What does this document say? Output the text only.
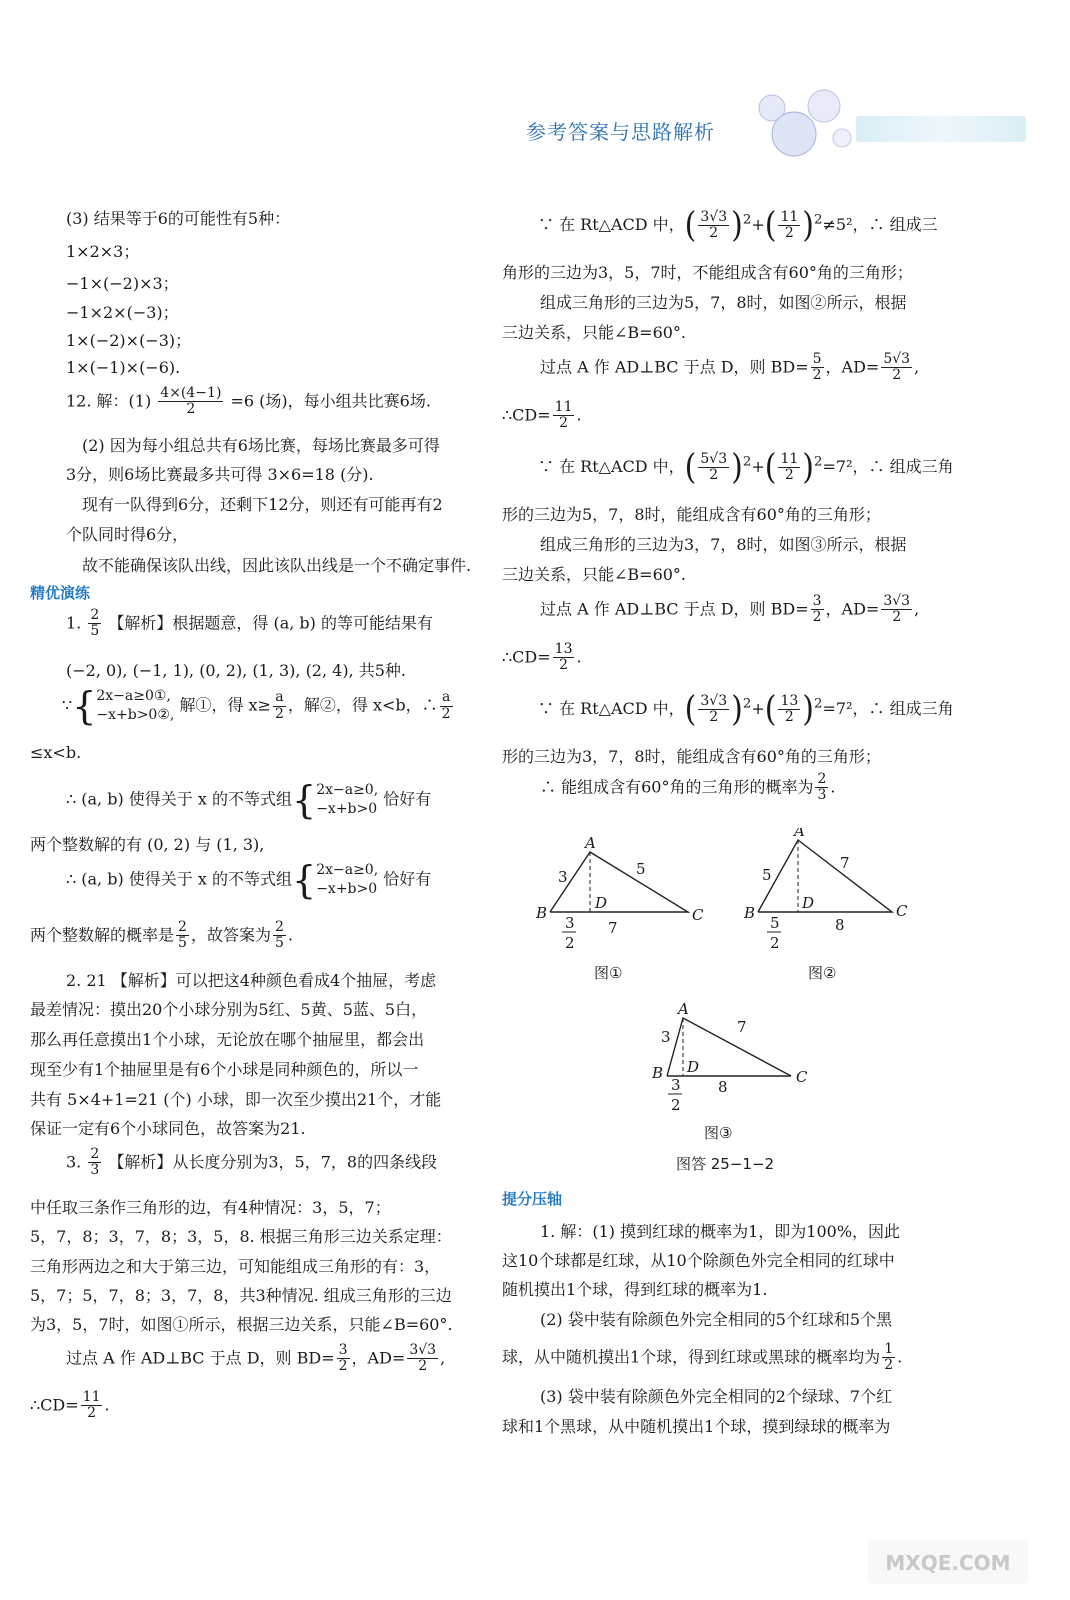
参考答案与思路解析
(3) 结果等于6的可能性有5种：
1×2×3；
−1×(−2)×3；
−1×2×(−3)；
1×(−2)×(−3)；
1×(−1)×(−6).
12. 解：$(1) \frac{4\times(4-1)}{2} =6$ (场)，每小组共比赛6场.
(2) 因为每小组总共有6场比赛，每场比赛最多可得
3分，则6场比赛最多共可得 3×6=18 (分).
现有一队得到6分，还剩下12分，则还有可能再有2
个队同时得6分，
故不能确保该队出线，因此该队出线是一个不确定事件.
精优演练
1. $\frac{2}{5}$ 【解析】根据题意，得 (a, b) 的等可能结果有
(−2, 0), (−1, 1), (0, 2), (1, 3), (2, 4), 共5种.
∵{ 2x−a≥0①,
−x+b>0②,
解①，得 $x\ge \frac{a}{2}$ ，解②，得 x<b，∴ $\frac{a}{2}$
≤x<b.
∴ (a, b) 使得关于 x 的不等式组{ 2x−a≥0,
−x+b>0
恰好有
两个整数解的有 (0, 2) 与 (1, 3),
∴ (a, b) 使得关于 x 的不等式组{ 2x−a≥0,
−x+b>0
恰好有
两个整数解的概率是 $\frac{2}{5}$ ，故答案为 $\frac{2}{5}$ .
2. 21 【解析】可以把这4种颜色看成4个抽屉，考虑
最差情况：摸出20个小球分别为5红、5黄、5蓝、5白，
那么再任意摸出1个小球，无论放在哪个抽屉里，都会出
现至少有1个抽屉里是有6个小球是同种颜色的，所以一
共有 5×4+1=21 (个) 小球，即一次至少摸出21个，才能
保证一定有6个小球同色，故答案为21.
3. $\frac{2}{3}$ 【解析】从长度分别为3，5，7，8的四条线段
中任取三条作三角形的边，有4种情况：3，5，7；
5，7，8；3，7，8；3，5，8. 根据三角形三边关系定理：
三角形两边之和大于第三边，可知能组成三角形的有：3，
5，7；5，7，8；3，7，8，共3种情况. 组成三角形的三边
为3，5，7时，如图①所示，根据三边关系，只能∠B=60°.
过点 A 作 AD⊥BC 于点 D，则 $BD= \frac{3}{2}$ ，$AD= \frac{3√3}{2}$ ,
∴CD= $\frac{11}{2}$ .
∵ 在 Rt△ACD 中，( $\frac{3√3}{2} )^2+( \frac{11}{2} )^2\ne 5^2$，∴ 组成三
角形的三边为3，5，7时，不能组成含有60°角的三角形；
组成三角形的三边为5，7，8时，如图②所示，根据
三边关系，只能∠B=60°.
过点 A 作 AD⊥BC 于点 D，则 $BD= \frac{5}{2}$ ，$AD= \frac{5√3}{2}$ ,
∴CD= $\frac{11}{2}$ .
∵ 在 Rt△ACD 中，( $\frac{5√3}{2} )^2+( \frac{11}{2} )^2=7^2$，∴ 组成三角
形的三边为5，7，8时，能组成含有60°角的三角形；
组成三角形的三边为3，7，8时，如图③所示，根据
三边关系，只能∠B=60°.
过点 A 作 AD⊥BC 于点 D，则 $BD= \frac{3}{2}$ ，$AD= \frac{3√3}{2}$ ,
∴CD= $\frac{13}{2}$ .
∵ 在 Rt△ACD 中，( $\frac{3√3}{2} )^2+( \frac{13}{2} )^2=7^2$，∴ 组成三角
形的三边为3，7，8时，能组成含有60°角的三角形；
∴ 能组成含有60°角的三角形的概率为 $\frac{2}{3}$ .
A
B	C
D
3	5
7
3
2
图①
A
B	C
D
5
7
8
5
2
图②
A
B	C
D
3
7
8
3
2
图③
图答 25−1−2
提分压轴
1. 解：(1) 摸到红球的概率为1，即为100%，因此
这10个球都是红球，从10个除颜色外完全相同的红球中
随机摸出1个球，得到红球的概率为1.
(2) 袋中装有除颜色外完全相同的5个红球和5个黑
球，从中随机摸出1个球，得到红球或黑球的概率均为 $\frac{1}{2}$ .
(3) 袋中装有除颜色外完全相同的2个绿球、7个红
球和1个黑球，从中随机摸出1个球，摸到绿球的概率为
MXQE.COM
